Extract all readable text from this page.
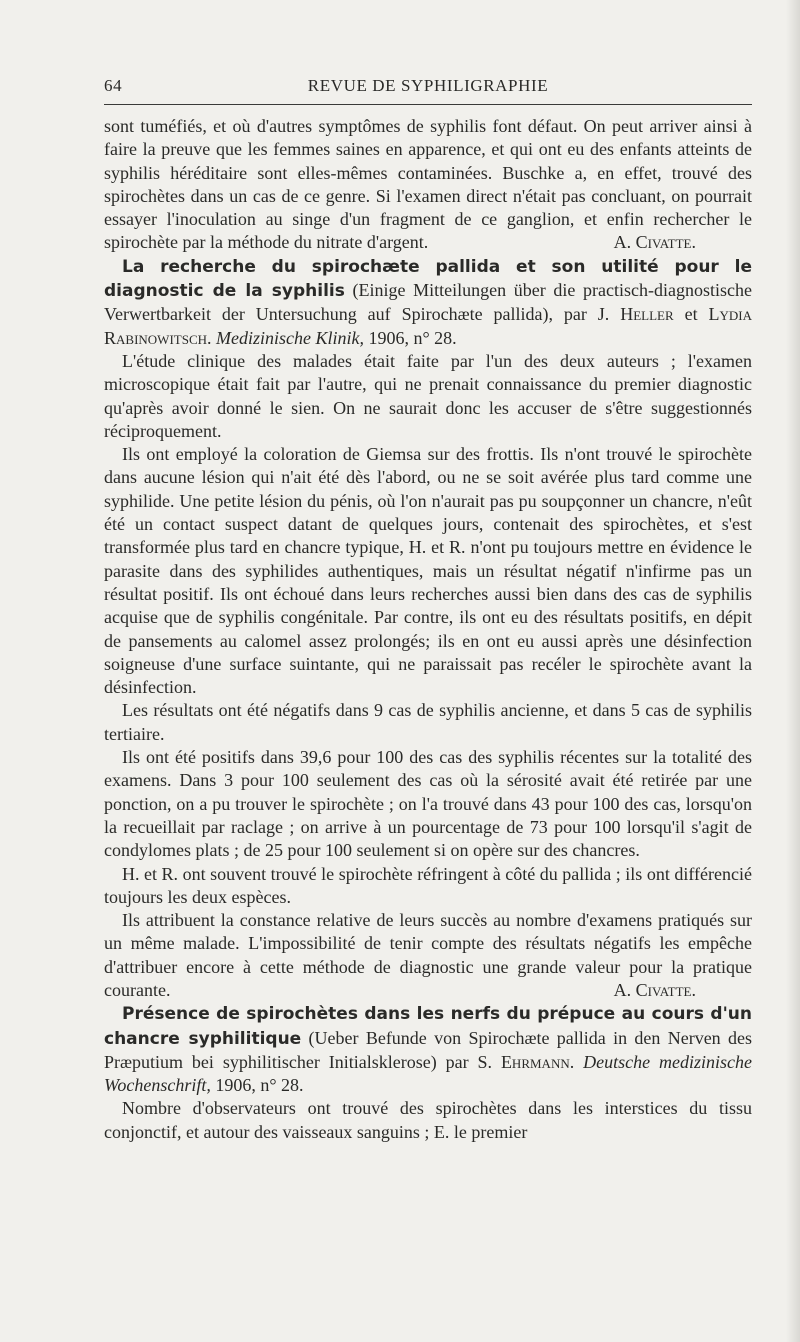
64	REVUE DE SYPHILIGRAPHIE

sont tuméfiés, et où d'autres symptômes de syphilis font défaut. On peut arriver ainsi à faire la preuve que les femmes saines en apparence, et qui ont eu des enfants atteints de syphilis héréditaire sont elles-mêmes contaminées. Buschke a, en effet, trouvé des spirochètes dans un cas de ce genre. Si l'examen direct n'était pas concluant, on pourrait essayer l'inoculation au singe d'un fragment de ce ganglion, et enfin rechercher le spirochète par la méthode du nitrate d'argent.	A. Civatte.

La recherche du spirochæte pallida et son utilité pour le diagnostic de la syphilis (Einige Mitteilungen über die practisch-diagnostische Verwertbarkeit der Untersuchung auf Spirochæte pallida), par J. Heller et Lydia Rabinowitsch. Medizinische Klinik, 1906, n° 28.

L'étude clinique des malades était faite par l'un des deux auteurs ; l'examen microscopique était fait par l'autre, qui ne prenait connaissance du premier diagnostic qu'après avoir donné le sien. On ne saurait donc les accuser de s'être suggestionnés réciproquement.

Ils ont employé la coloration de Giemsa sur des frottis. Ils n'ont trouvé le spirochète dans aucune lésion qui n'ait été dès l'abord, ou ne se soit avérée plus tard comme une syphilide. Une petite lésion du pénis, où l'on n'aurait pas pu soupçonner un chancre, n'eût été un contact suspect datant de quelques jours, contenait des spirochètes, et s'est transformée plus tard en chancre typique, H. et R. n'ont pu toujours mettre en évidence le parasite dans des syphilides authentiques, mais un résultat négatif n'infirme pas un résultat positif. Ils ont échoué dans leurs recherches aussi bien dans des cas de syphilis acquise que de syphilis congénitale. Par contre, ils ont eu des résultats positifs, en dépit de pansements au calomel assez prolongés; ils en ont eu aussi après une désinfection soigneuse d'une surface suintante, qui ne paraissait pas recéler le spirochète avant la désinfection.

Les résultats ont été négatifs dans 9 cas de syphilis ancienne, et dans 5 cas de syphilis tertiaire.

Ils ont été positifs dans 39,6 pour 100 des cas des syphilis récentes sur la totalité des examens. Dans 3 pour 100 seulement des cas où la sérosité avait été retirée par une ponction, on a pu trouver le spirochète ; on l'a trouvé dans 43 pour 100 des cas, lorsqu'on la recueillait par raclage ; on arrive à un pourcentage de 73 pour 100 lorsqu'il s'agit de condylomes plats ; de 25 pour 100 seulement si on opère sur des chancres.

H. et R. ont souvent trouvé le spirochète réfringent à côté du pallida ; ils ont différencié toujours les deux espèces.

Ils attribuent la constance relative de leurs succès au nombre d'examens pratiqués sur un même malade. L'impossibilité de tenir compte des résultats négatifs les empêche d'attribuer encore à cette méthode de diagnostic une grande valeur pour la pratique courante.	A. Civatte.

Présence de spirochètes dans les nerfs du prépuce au cours d'un chancre syphilitique (Ueber Befunde von Spirochæte pallida in den Nerven des Præputium bei syphilitischer Initialsklerose) par S. Ehrmann. Deutsche medizinische Wochenschrift, 1906, n° 28.

Nombre d'observateurs ont trouvé des spirochètes dans les interstices du tissu conjonctif, et autour des vaisseaux sanguins ; E. le premier
